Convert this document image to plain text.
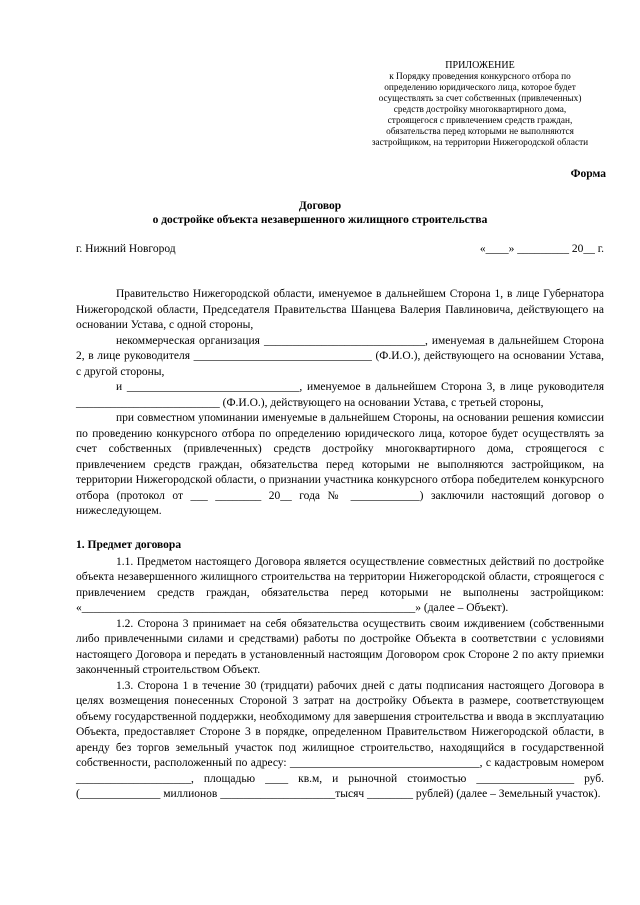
ПРИЛОЖЕНИЕ
к Порядку проведения конкурсного отбора по
определению юридического лица, которое будет
осуществлять за счет собственных (привлеченных)
средств достройку многоквартирного дома,
строящегося с привлечением средств граждан,
обязательства перед которыми не выполняются
застройщиком, на территории Нижегородской области
Форма
Договор
о достройке объекта незавершенного жилищного строительства
г. Нижний Новгород	«____» _________ 20__ г.

Правительство Нижегородской области, именуемое в дальнейшем Сторона 1, в лице Губернатора Нижегородской области, Председателя Правительства Шанцева Валерия Павлиновича, действующего на основании Устава, с одной стороны,

некоммерческая организация ____________________________, именуемая в дальнейшем Сторона 2, в лице руководителя _______________________________ (Ф.И.О.), действующего на основании Устава, с другой стороны,

и ______________________________, именуемое в дальнейшем Сторона 3, в лице руководителя _________________________ (Ф.И.О.), действующего на основании Устава, с третьей стороны,

при совместном упоминании именуемые в дальнейшем Стороны, на основании решения комиссии по проведению конкурсного отбора по определению юридического лица, которое будет осуществлять за счет собственных (привлеченных) средств достройку многоквартирного дома, строящегося с привлечением средств граждан, обязательства перед которыми не выполняются застройщиком, на территории Нижегородской области, о признании участника конкурсного отбора победителем конкурсного отбора (протокол от ___ ________ 20__ года № ____________) заключили настоящий договор о нижеследующем.

1. Предмет договора

1.1. Предметом настоящего Договора является осуществление совместных действий по достройке объекта незавершенного жилищного строительства на территории Нижегородской области, строящегося с привлечением средств граждан, обязательства перед которыми не выполнены застройщиком: «__________________________________________________________» (далее – Объект).

1.2. Сторона 3 принимает на себя обязательства осуществить своим иждивением (собственными либо привлеченными силами и средствами) работы по достройке Объекта в соответствии с условиями настоящего Договора и передать в установленный настоящим Договором срок Стороне 2 по акту приемки законченный строительством Объект.

1.3. Сторона 1 в течение 30 (тридцати) рабочих дней с даты подписания настоящего Договора в целях возмещения понесенных Стороной 3 затрат на достройку Объекта в размере, соответствующем объему государственной поддержки, необходимому для завершения строительства и ввода в эксплуатацию Объекта, предоставляет Стороне 3 в порядке, определенном Правительством Нижегородской области, в аренду без торгов земельный участок под жилищное строительство, находящийся в государственной собственности, расположенный по адресу: _________________________________, с кадастровым номером ____________________, площадью ____ кв.м, и рыночной стоимостью _________________ руб. (______________ миллионов ____________________тысяч ________ рублей) (далее – Земельный участок).
